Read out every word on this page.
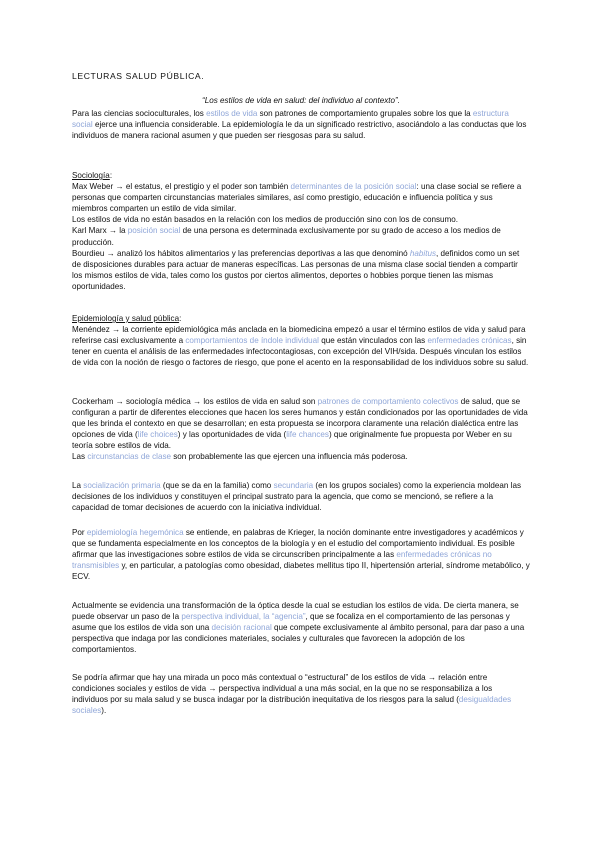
LECTURAS SALUD PÚBLICA.
“Los estilos de vida en salud: del individuo al contexto”.

Para las ciencias socioculturales, los estilos de vida son patrones de comportamiento grupales sobre los que la estructura social ejerce una influencia considerable. La epidemiología le da un significado restrictivo, asociándolo a las conductas que los individuos de manera racional asumen y que pueden ser riesgosas para su salud.

Sociología:

Max Weber → el estatus, el prestigio y el poder son también determinantes de la posición social: una clase social se refiere a personas que comparten circunstancias materiales similares, así como prestigio, educación e influencia política y sus miembros comparten un estilo de vida similar.

Los estilos de vida no están basados en la relación con los medios de producción sino con los de consumo.

Karl Marx → la posición social de una persona es determinada exclusivamente por su grado de acceso a los medios de producción.

Bourdieu → analizó los hábitos alimentarios y las preferencias deportivas a las que denominó habitus, definidos como un set de disposiciones durables para actuar de maneras específicas. Las personas de una misma clase social tienden a compartir los mismos estilos de vida, tales como los gustos por ciertos alimentos, deportes o hobbies porque tienen las mismas oportunidades.

Epidemiología y salud pública:

Menéndez → la corriente epidemiológica más anclada en la biomedicina empezó a usar el término estilos de vida y salud para referirse casi exclusivamente a comportamientos de índole individual que están vinculados con las enfermedades crónicas, sin tener en cuenta el análisis de las enfermedades infectocontagiosas, con excepción del VIH/sida. Después vinculan los estilos de vida con la noción de riesgo o factores de riesgo, que pone el acento en la responsabilidad de los individuos sobre su salud.

Cockerham → sociología médica → los estilos de vida en salud son patrones de comportamiento colectivos de salud, que se configuran a partir de diferentes elecciones que hacen los seres humanos y están condicionados por las oportunidades de vida que les brinda el contexto en que se desarrollan; en esta propuesta se incorpora claramente una relación dialéctica entre las opciones de vida (life choices) y las oportunidades de vida (life chances) que originalmente fue propuesta por Weber en su teoría sobre estilos de vida.

Las circunstancias de clase son probablemente las que ejercen una influencia más poderosa.

La socialización primaria (que se da en la familia) como secundaria (en los grupos sociales) como la experiencia moldean las decisiones de los individuos y constituyen el principal sustrato para la agencia, que como se mencionó, se refiere a la capacidad de tomar decisiones de acuerdo con la iniciativa individual.

Por epidemiología hegemónica se entiende, en palabras de Krieger, la noción dominante entre investigadores y académicos y que se fundamenta especialmente en los conceptos de la biología y en el estudio del comportamiento individual. Es posible afirmar que las investigaciones sobre estilos de vida se circunscriben principalmente a las enfermedades crónicas no transmisibles y, en particular, a patologías como obesidad, diabetes mellitus tipo II, hipertensión arterial, síndrome metabólico, y ECV.

Actualmente se evidencia una transformación de la óptica desde la cual se estudian los estilos de vida. De cierta manera, se puede observar un paso de la perspectiva individual, la “agencia”, que se focaliza en el comportamiento de las personas y asume que los estilos de vida son una decisión racional que compete exclusivamente al ámbito personal, para dar paso a una perspectiva que indaga por las condiciones materiales, sociales y culturales que favorecen la adopción de los comportamientos.

Se podría afirmar que hay una mirada un poco más contextual o “estructural” de los estilos de vida → relación entre condiciones sociales y estilos de vida → perspectiva individual a una más social, en la que no se responsabiliza a los individuos por su mala salud y se busca indagar por la distribución inequitativa de los riesgos para la salud (desigualdades sociales).
